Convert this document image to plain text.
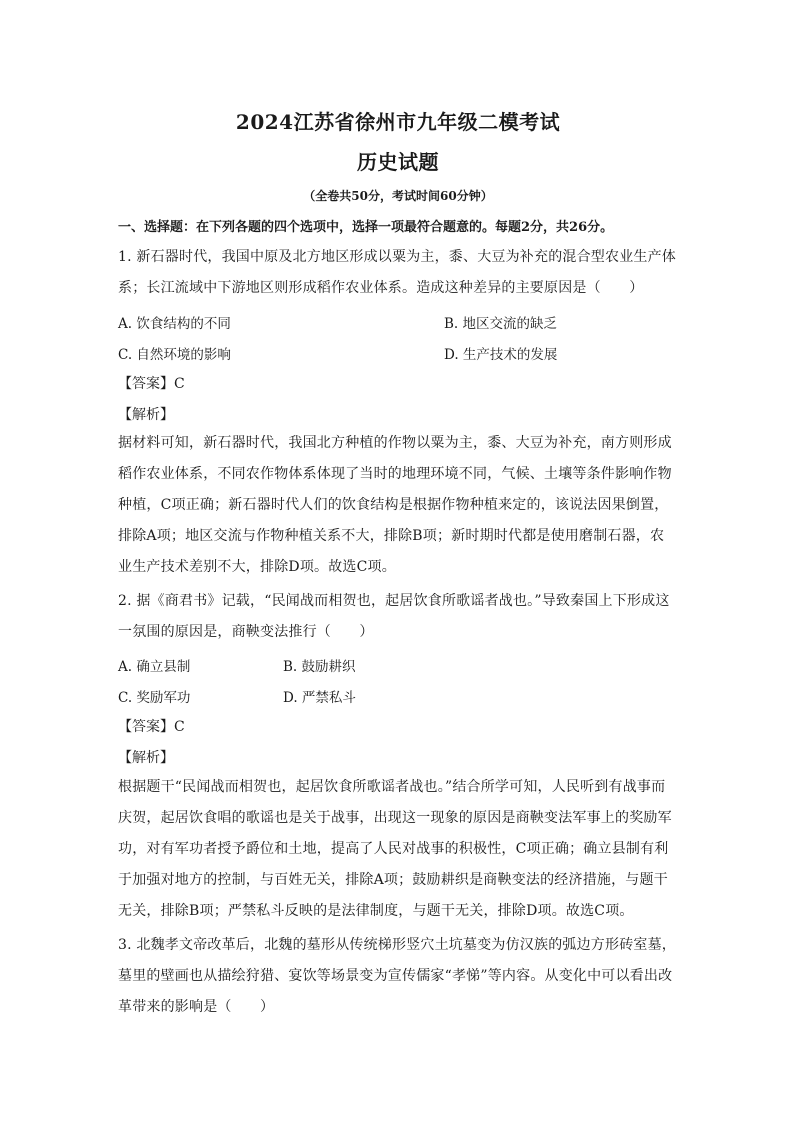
2024江苏省徐州市九年级二模考试
历史试题
（全卷共50分，考试时间60分钟）
一、选择题：在下列各题的四个选项中，选择一项最符合题意的。每题2分，共26分。
1. 新石器时代，我国中原及北方地区形成以粟为主，黍、大豆为补充的混合型农业生产体系；长江流域中下游地区则形成稻作农业体系。造成这种差异的主要原因是（　　）
A. 饮食结构的不同	B. 地区交流的缺乏
C. 自然环境的影响	D. 生产技术的发展
【答案】C
【解析】
据材料可知，新石器时代，我国北方种植的作物以粟为主，黍、大豆为补充，南方则形成稻作农业体系，不同农作物体系体现了当时的地理环境不同，气候、土壤等条件影响作物种植，C项正确；新石器时代人们的饮食结构是根据作物种植来定的，该说法因果倒置，排除A项；地区交流与作物种植关系不大，排除B项；新时期时代都是使用磨制石器，农业生产技术差别不大，排除D项。故选C项。
2. 据《商君书》记载，“民闻战而相贺也，起居饮食所歌谣者战也。”导致秦国上下形成这一氛围的原因是，商鞅变法推行（　　）
A. 确立县制	B. 鼓励耕织
C. 奖励军功	D. 严禁私斗
【答案】C
【解析】
根据题干“民闻战而相贺也，起居饮食所歌谣者战也。”结合所学可知，人民听到有战事而庆贺，起居饮食唱的歌谣也是关于战事，出现这一现象的原因是商鞅变法军事上的奖励军功，对有军功者授予爵位和土地，提高了人民对战事的积极性，C项正确；确立县制有利于加强对地方的控制，与百姓无关，排除A项；鼓励耕织是商鞅变法的经济措施，与题干无关，排除B项；严禁私斗反映的是法律制度，与题干无关，排除D项。故选C项。
3. 北魏孝文帝改革后，北魏的墓形从传统梯形竖穴土坑墓变为仿汉族的弧边方形砖室墓，墓里的壁画也从描绘狩猎、宴饮等场景变为宣传儒家“孝悌”等内容。从变化中可以看出改革带来的影响是（　　）
